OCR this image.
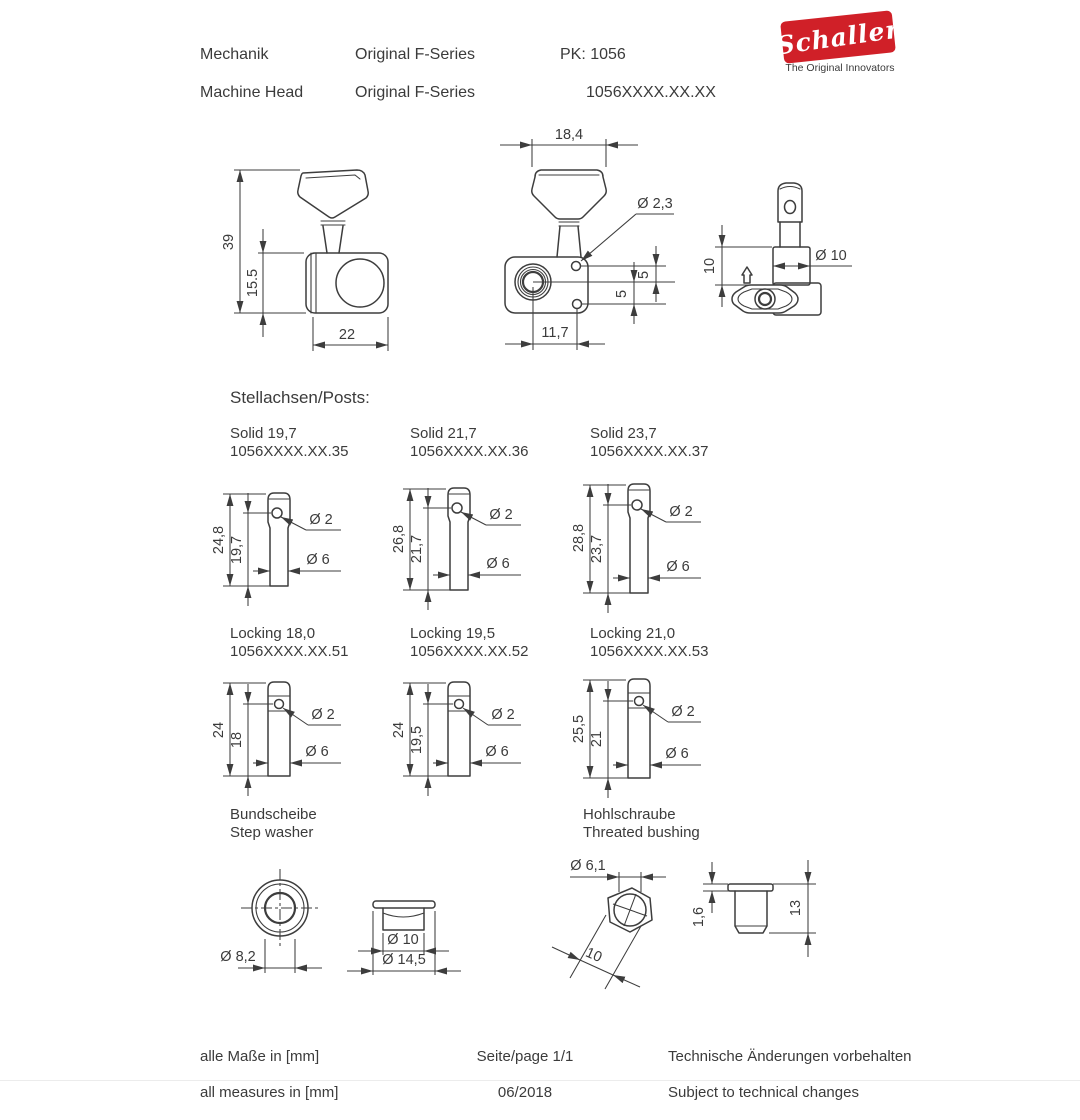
Mechanik

Machine Head

Original F-Series

Original F-Series

PK: 1056

1056XXXX.XX.XX

Schaller
The Original Innovators
39
15.5
22
18,4
Ø 2,3
5
5
11,7
10
Ø 10
Stellachsen/Posts:
Solid 19,7
1056XXXX.XX.35
Solid 21,7
1056XXXX.XX.36
Solid 23,7
1056XXXX.XX.37
24,8 19,7
Ø 2
Ø 6
26,8 21,7
Ø 2
Ø 6
28,8 23,7
Ø 2
Ø 6
Locking 18,0
1056XXXX.XX.51
Locking 19,5
1056XXXX.XX.52
Locking 21,0
1056XXXX.XX.53
24
18
Ø 2
Ø 6
24 19,5
Ø 2
Ø 6
25,5 21
Ø 2
Ø 6
Bundscheibe
Step washer
Hohlschraube
Threated bushing
Ø 8,2
Ø 10
Ø 14,5
Ø 6,1
10
1,6	13

alle Maße in [mm]

all measures in [mm]

Seite/page 1/1

06/2018

Technische Änderungen vorbehalten

Subject to technical changes
